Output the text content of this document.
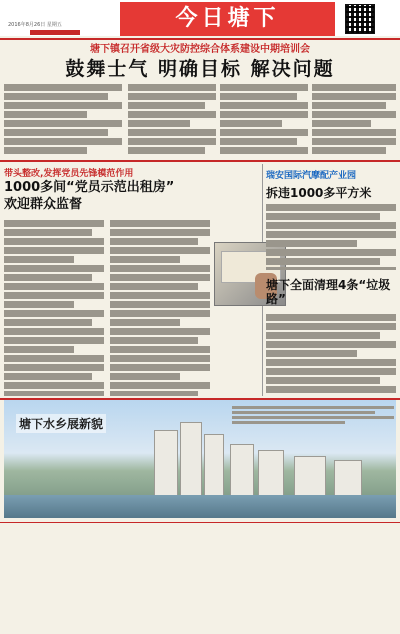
2016年8月26日 星期五	今日塘下
塘下镇召开省级大灾防控综合体系建设中期培训会
鼓舞士气 明确目标 解决问题
带头整改,发挥党员先锋模范作用
1000多间“党员示范出租房”
欢迎群众监督
瑞安国际汽摩配产业园
拆违1000多平方米
塘下全面清理4条“垃圾路”
塘下水乡展新貌
